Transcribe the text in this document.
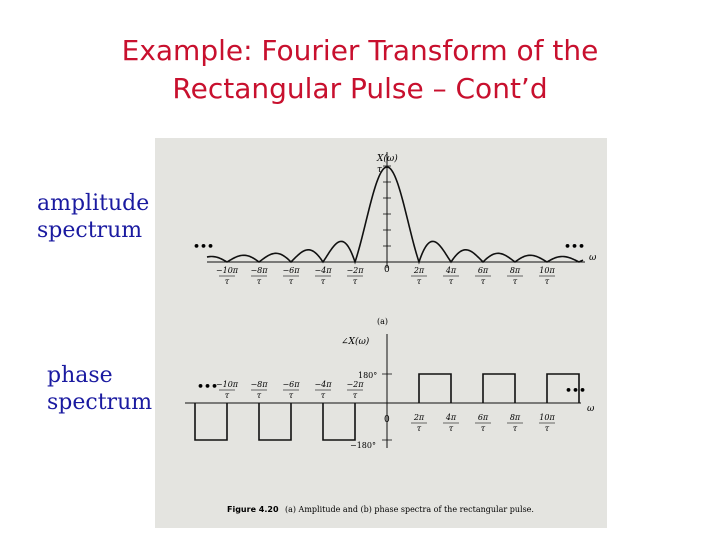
Example: Fourier Transform of the
Rectangular Pulse – Cont’d
amplitude
spectrum
phase
spectrum
−10π
τ
−8π
τ
−6π
τ
−4π
τ
−2π
τ
2π
τ
4π
τ
6π
τ
8π
τ
10π
τ
−10π
τ
−8π
τ
−6π
τ
−4π
τ
−2π
τ
2π
τ
4π
τ
6π
τ
8π
τ
10π
τ
X(ω)
τ
(a)
ω
0
•••	•••
∠X(ω)
180°
−180°
ω
0
•••	•••
Figure 4.20 (a) Amplitude and (b) phase spectra of the rectangular pulse.
